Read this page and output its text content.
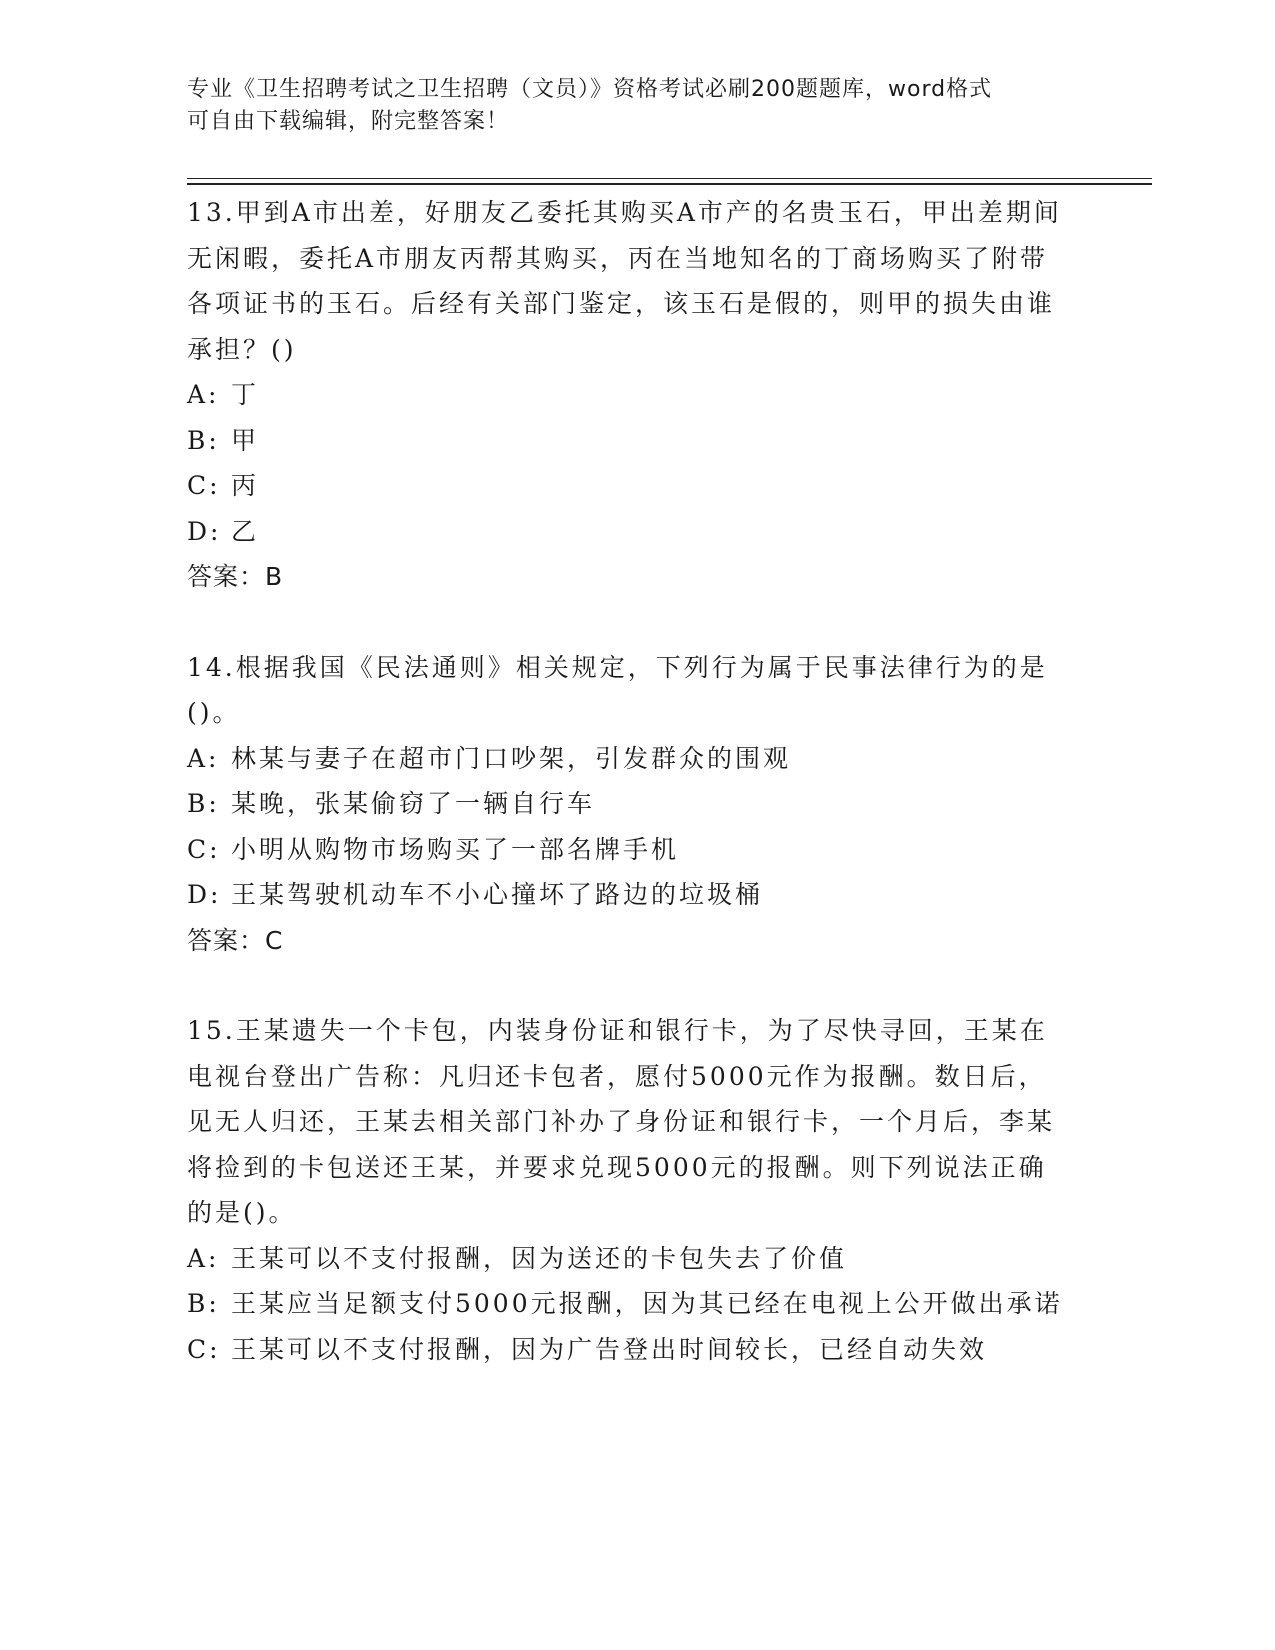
专业《卫生招聘考试之卫生招聘（文员）》资格考试必刷200题题库，word格式
可自由下载编辑，附完整答案！

13.甲到A市出差，好朋友乙委托其购买A市产的名贵玉石，甲出差期间无闲暇，委托A市朋友丙帮其购买，丙在当地知名的丁商场购买了附带各项证书的玉石。后经有关部门鉴定，该玉石是假的，则甲的损失由谁承担？()

A: 丁

B: 甲

C: 丙

D: 乙

答案：B

14.根据我国《民法通则》相关规定，下列行为属于民事法律行为的是()。

A: 林某与妻子在超市门口吵架，引发群众的围观

B: 某晚，张某偷窃了一辆自行车

C: 小明从购物市场购买了一部名牌手机

D: 王某驾驶机动车不小心撞坏了路边的垃圾桶

答案：C

15.王某遗失一个卡包，内装身份证和银行卡，为了尽快寻回，王某在电视台登出广告称：凡归还卡包者，愿付5000元作为报酬。数日后，见无人归还，王某去相关部门补办了身份证和银行卡，一个月后，李某将捡到的卡包送还王某，并要求兑现5000元的报酬。则下列说法正确的是()。

A: 王某可以不支付报酬，因为送还的卡包失去了价值

B: 王某应当足额支付5000元报酬，因为其已经在电视上公开做出承诺

C: 王某可以不支付报酬，因为广告登出时间较长，已经自动失效
